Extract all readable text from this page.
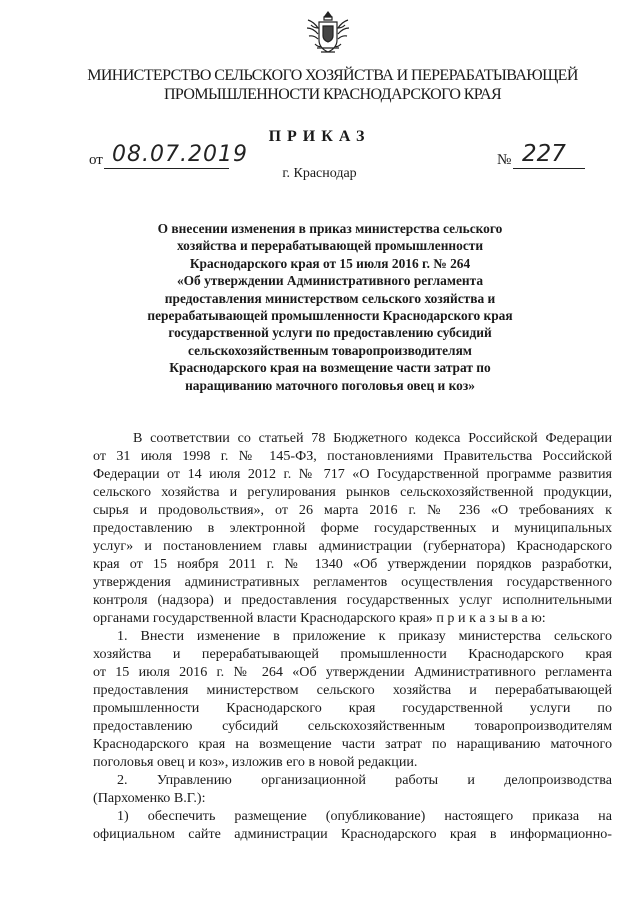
МИНИСТЕРСТВО СЕЛЬСКОГО ХОЗЯЙСТВА И ПЕРЕРАБАТЫВАЮЩЕЙ
ПРОМЫШЛЕННОСТИ КРАСНОДАРСКОГО КРАЯ
ПРИКАЗ
от 08.07.2019	№ 227
г. Краснодар
О внесении изменения в приказ министерства сельского
хозяйства и перерабатывающей промышленности
Краснодарского края от 15 июля 2016 г. № 264
«Об утверждении Административного регламента
предоставления министерством сельского хозяйства и
перерабатывающей промышленности Краснодарского края
государственной услуги по предоставлению субсидий
сельскохозяйственным товаропроизводителям
Краснодарского края на возмещение части затрат по
наращиванию маточного поголовья овец и коз»
В соответствии со статьей 78 Бюджетного кодекса Российской Федерации
от 31 июля 1998 г. № 145-ФЗ, постановлениями Правительства Российской
Федерации от 14 июля 2012 г. № 717 «О Государственной программе развития
сельского хозяйства и регулирования рынков сельскохозяйственной продукции,
сырья и продовольствия», от 26 марта 2016 г. № 236 «О требованиях к
предоставлению в электронной форме государственных и муниципальных
услуг» и постановлением главы администрации (губернатора) Краснодарского
края от 15 ноября 2011 г. № 1340 «Об утверждении порядков разработки,
утверждения административных регламентов осуществления государственного
контроля (надзора) и предоставления государственных услуг исполнительными
органами государственной власти Краснодарского края» п р и к а з ы в а ю:
1. Внести изменение в приложение к приказу министерства сельского
хозяйства и перерабатывающей промышленности Краснодарского края
от 15 июля 2016 г. № 264 «Об утверждении Административного регламента
предоставления министерством сельского хозяйства и перерабатывающей
промышленности Краснодарского края государственной услуги по
предоставлению субсидий сельскохозяйственным товаропроизводителям
Краснодарского края на возмещение части затрат по наращиванию маточного
поголовья овец и коз», изложив его в новой редакции.
2. Управлению организационной работы и делопроизводства
(Пархоменко В.Г.):
1) обеспечить размещение (опубликование) настоящего приказа на
официальном сайте администрации Краснодарского края в информационно-
